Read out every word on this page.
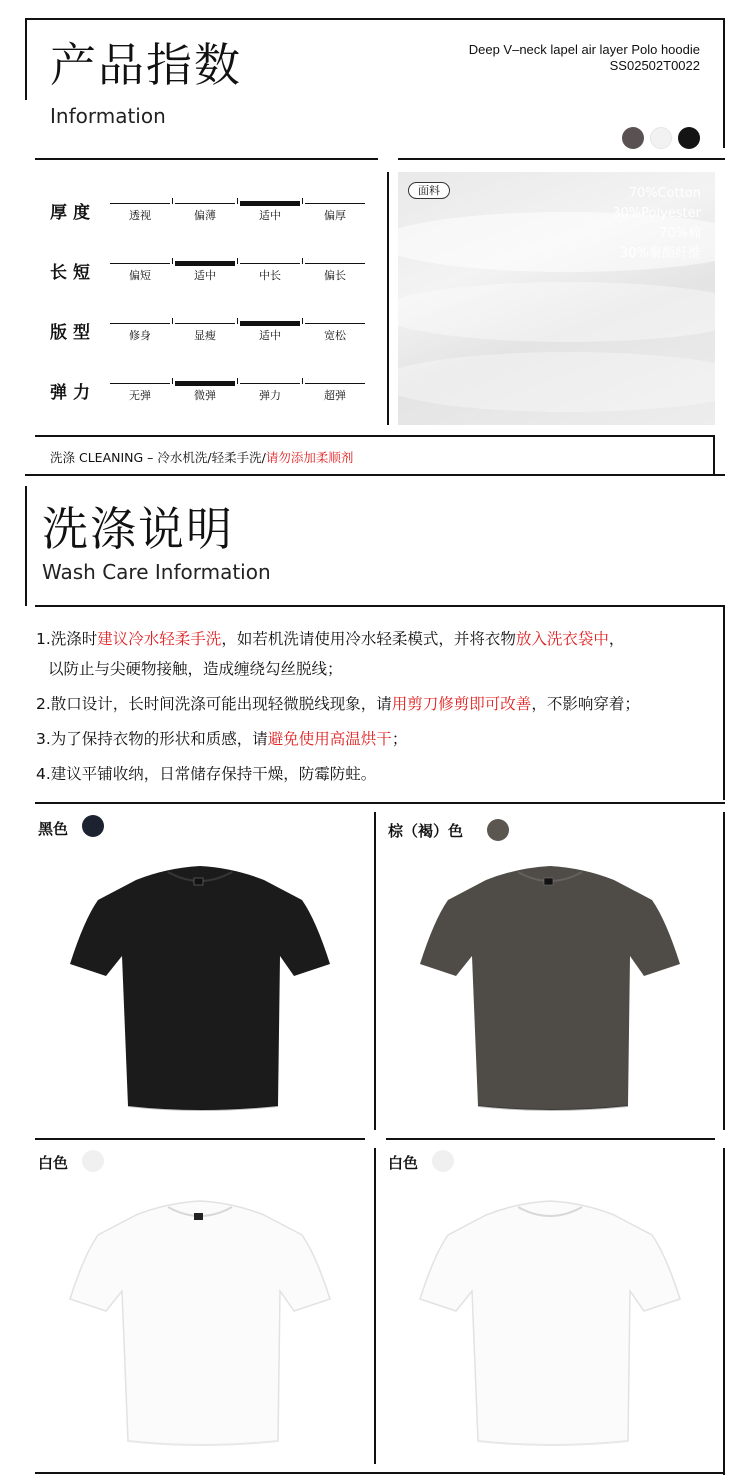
产品指数
Information
Deep V–neck lapel air layer Polo hoodie
SS02502T0022
厚度	透视	偏薄	适中	偏厚
长短	偏短	适中	中长	偏长
版型	修身	显瘦	适中	宽松
弹力	无弹	微弹	弹力	超弹
面料	70%Cotton
30%Polyester
70%棉
30%聚酯纤维
洗涤 CLEANING – 冷水机洗/轻柔手洗/请勿添加柔顺剂
洗涤说明
Wash Care Information
1.洗涤时建议冷水轻柔手洗，如若机洗请使用冷水轻柔模式，并将衣物放入洗衣袋中，
以防止与尖硬物接触，造成缠绕勾丝脱线；
2.散口设计，长时间洗涤可能出现轻微脱线现象，请用剪刀修剪即可改善，不影响穿着；
3.为了保持衣物的形状和质感，请避免使用高温烘干；
4.建议平铺收纳，日常储存保持干燥，防霉防蛀。
黑色	棕（褐）色
白色	白色
